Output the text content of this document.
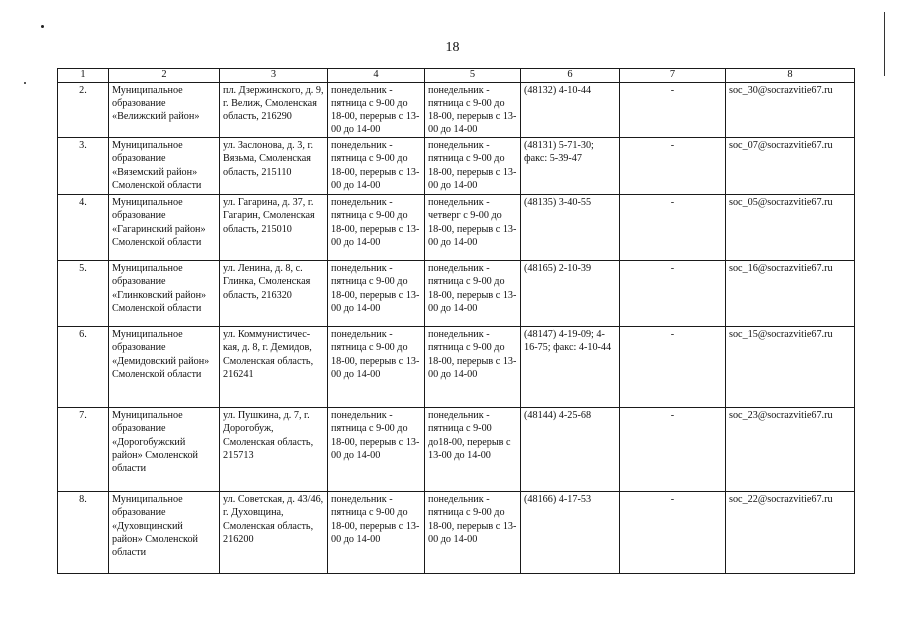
18
1	2	3	4	5	6	7	8
2.	Муниципальное образование «Велижский район»	пл. Дзержинского, д. 9, г. Велиж, Смоленская область, 216290	понедельник - пятница с 9-00 до 18-00, перерыв с 13-00 до 14-00	понедельник - пятница с 9-00 до 18-00, перерыв с 13-00 до 14-00	(48132) 4-10-44	-	soc_30@socrazvitie67.ru
3.	Муниципальное образование «Вяземский район» Смоленской области	ул. Заслонова, д. 3, г. Вязьма, Смоленская область, 215110	понедельник - пятница с 9-00 до 18-00, перерыв с 13-00 до 14-00	понедельник - пятница с 9-00 до 18-00, перерыв с 13-00 до 14-00	(48131) 5-71-30; факс: 5-39-47	-	soc_07@socrazvitie67.ru
4.	Муниципальное образование «Гагаринский район» Смоленской области	ул. Гагарина, д. 37, г. Гагарин, Смоленская область, 215010	понедельник - пятница с 9-00 до 18-00, перерыв с 13-00 до 14-00	понедельник - четверг с 9-00 до 18-00, перерыв с 13-00 до 14-00	(48135) 3-40-55	-	soc_05@socrazvitie67.ru
5.	Муниципальное образование «Глинковский район» Смоленской области	ул. Ленина, д. 8, с. Глинка, Смоленская область, 216320	понедельник - пятница с 9-00 до 18-00, перерыв с 13-00 до 14-00	понедельник - пятница с 9-00 до 18-00, перерыв с 13-00 до 14-00	(48165) 2-10-39	-	soc_16@socrazvitie67.ru
6.	Муниципальное образование «Демидовский район» Смоленской области	ул. Коммунистичес-кая, д. 8, г. Демидов, Смоленская область, 216241	понедельник - пятница с 9-00 до 18-00, перерыв с 13-00 до 14-00	понедельник - пятница с 9-00 до 18-00, перерыв с 13-00 до 14-00	(48147) 4-19-09; 4-16-75; факс: 4-10-44	-	soc_15@socrazvitie67.ru
7.	Муниципальное образование «Дорогобужский район» Смоленской области	ул. Пушкина, д. 7, г. Дорогобуж, Смоленская область, 215713	понедельник - пятница с 9-00 до 18-00, перерыв с 13-00 до 14-00	понедельник - пятница с 9-00 до18-00, перерыв с 13-00 до 14-00	(48144) 4-25-68	-	soc_23@socrazvitie67.ru
8.	Муниципальное образование «Духовщинский район» Смоленской области	ул. Советская, д. 43/46, г. Духовщина, Смоленская область, 216200	понедельник - пятница с 9-00 до 18-00, перерыв с 13-00 до 14-00	понедельник - пятница с 9-00 до 18-00, перерыв с 13-00 до 14-00	(48166) 4-17-53	-	soc_22@socrazvitie67.ru
